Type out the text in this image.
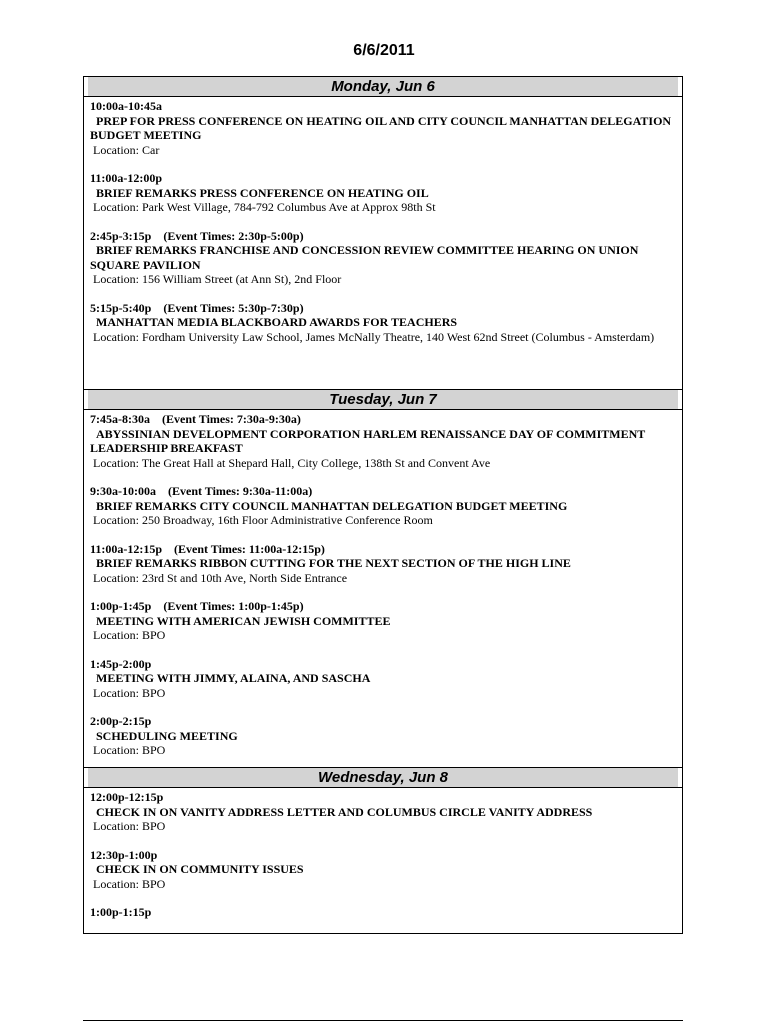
6/6/2011
Monday, Jun 6
10:00a-10:45a
PREP FOR PRESS CONFERENCE ON HEATING OIL AND CITY COUNCIL MANHATTAN DELEGATION BUDGET MEETING
Location: Car
11:00a-12:00p
BRIEF REMARKS PRESS CONFERENCE ON HEATING OIL
Location: Park West Village, 784-792 Columbus Ave at Approx 98th St
2:45p-3:15p (Event Times: 2:30p-5:00p)
BRIEF REMARKS FRANCHISE AND CONCESSION REVIEW COMMITTEE HEARING ON UNION SQUARE PAVILION
Location: 156 William Street (at Ann St), 2nd Floor
5:15p-5:40p (Event Times: 5:30p-7:30p)
MANHATTAN MEDIA BLACKBOARD AWARDS FOR TEACHERS
Location: Fordham University Law School, James McNally Theatre, 140 West 62nd Street (Columbus - Amsterdam)
Tuesday, Jun 7
7:45a-8:30a (Event Times: 7:30a-9:30a)
ABYSSINIAN DEVELOPMENT CORPORATION HARLEM RENAISSANCE DAY OF COMMITMENT LEADERSHIP BREAKFAST
Location: The Great Hall at Shepard Hall, City College, 138th St and Convent Ave
9:30a-10:00a (Event Times: 9:30a-11:00a)
BRIEF REMARKS CITY COUNCIL MANHATTAN DELEGATION BUDGET MEETING
Location: 250 Broadway, 16th Floor Administrative Conference Room
11:00a-12:15p (Event Times: 11:00a-12:15p)
BRIEF REMARKS RIBBON CUTTING FOR THE NEXT SECTION OF THE HIGH LINE
Location: 23rd St and 10th Ave, North Side Entrance
1:00p-1:45p (Event Times: 1:00p-1:45p)
MEETING WITH AMERICAN JEWISH COMMITTEE
Location: BPO
1:45p-2:00p
MEETING WITH JIMMY, ALAINA, AND SASCHA
Location: BPO
2:00p-2:15p
SCHEDULING MEETING
Location: BPO
Wednesday, Jun 8
12:00p-12:15p
CHECK IN ON VANITY ADDRESS LETTER AND COLUMBUS CIRCLE VANITY ADDRESS
Location: BPO
12:30p-1:00p
CHECK IN ON COMMUNITY ISSUES
Location: BPO
1:00p-1:15p
